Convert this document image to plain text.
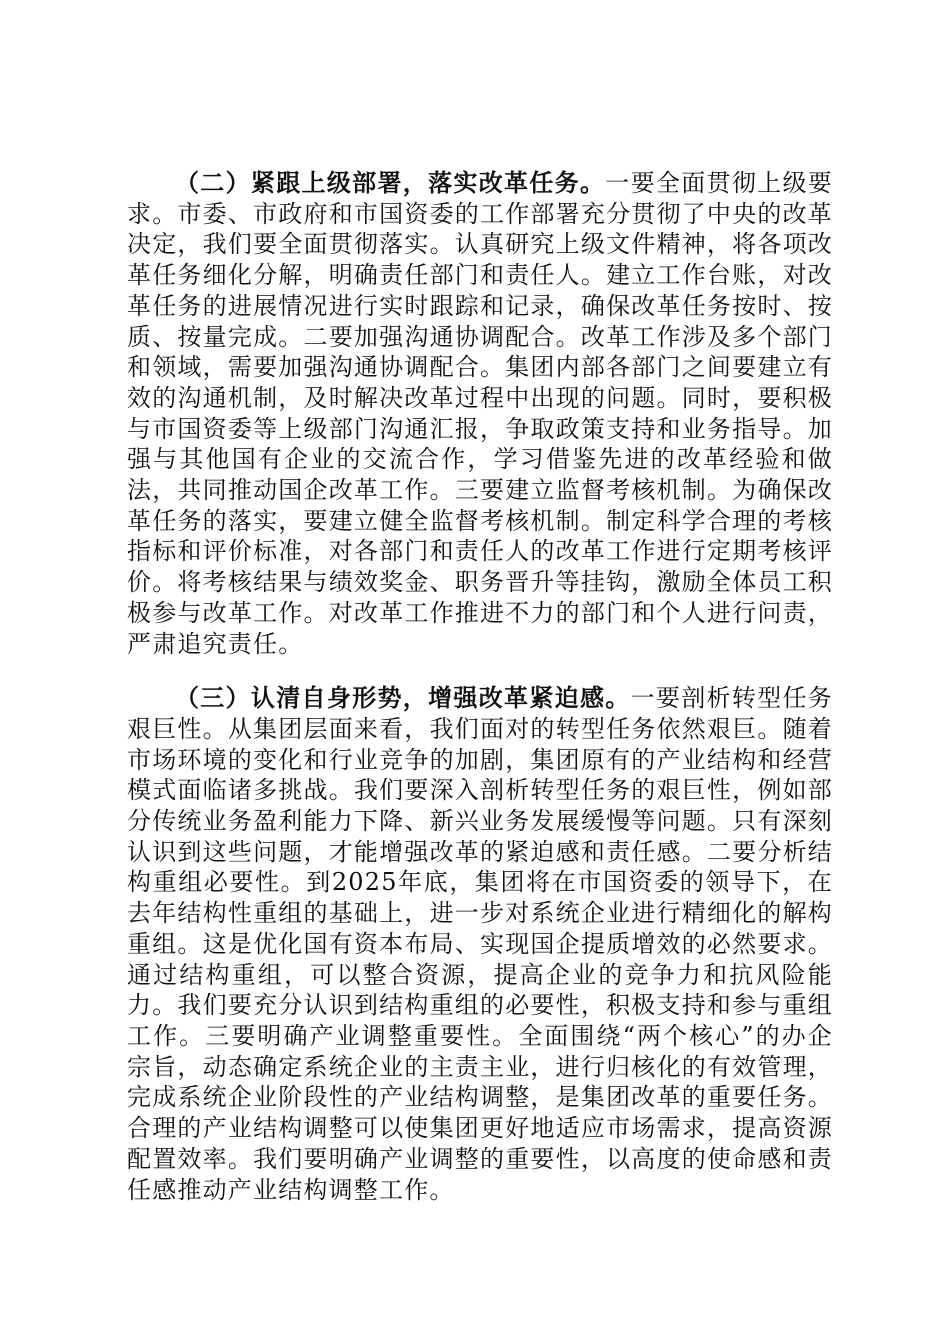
（二）紧跟上级部署，落实改革任务。一要全面贯彻上级要求。市委、市政府和市国资委的工作部署充分贯彻了中央的改革决定，我们要全面贯彻落实。认真研究上级文件精神，将各项改革任务细化分解，明确责任部门和责任人。建立工作台账，对改革任务的进展情况进行实时跟踪和记录，确保改革任务按时、按质、按量完成。二要加强沟通协调配合。改革工作涉及多个部门和领域，需要加强沟通协调配合。集团内部各部门之间要建立有效的沟通机制，及时解决改革过程中出现的问题。同时，要积极与市国资委等上级部门沟通汇报，争取政策支持和业务指导。加强与其他国有企业的交流合作，学习借鉴先进的改革经验和做法，共同推动国企改革工作。三要建立监督考核机制。为确保改革任务的落实，要建立健全监督考核机制。制定科学合理的考核指标和评价标准，对各部门和责任人的改革工作进行定期考核评价。将考核结果与绩效奖金、职务晋升等挂钩，激励全体员工积极参与改革工作。对改革工作推进不力的部门和个人进行问责，严肃追究责任。

（三）认清自身形势，增强改革紧迫感。一要剖析转型任务艰巨性。从集团层面来看，我们面对的转型任务依然艰巨。随着市场环境的变化和行业竞争的加剧，集团原有的产业结构和经营模式面临诸多挑战。我们要深入剖析转型任务的艰巨性，例如部分传统业务盈利能力下降、新兴业务发展缓慢等问题。只有深刻认识到这些问题，才能增强改革的紧迫感和责任感。二要分析结构重组必要性。到2025年底，集团将在市国资委的领导下，在去年结构性重组的基础上，进一步对系统企业进行精细化的解构重组。这是优化国有资本布局、实现国企提质增效的必然要求。通过结构重组，可以整合资源，提高企业的竞争力和抗风险能力。我们要充分认识到结构重组的必要性，积极支持和参与重组工作。三要明确产业调整重要性。全面围绕“两个核心”的办企宗旨，动态确定系统企业的主责主业，进行归核化的有效管理，完成系统企业阶段性的产业结构调整，是集团改革的重要任务。合理的产业结构调整可以使集团更好地适应市场需求，提高资源配置效率。我们要明确产业调整的重要性，以高度的使命感和责任感推动产业结构调整工作。
